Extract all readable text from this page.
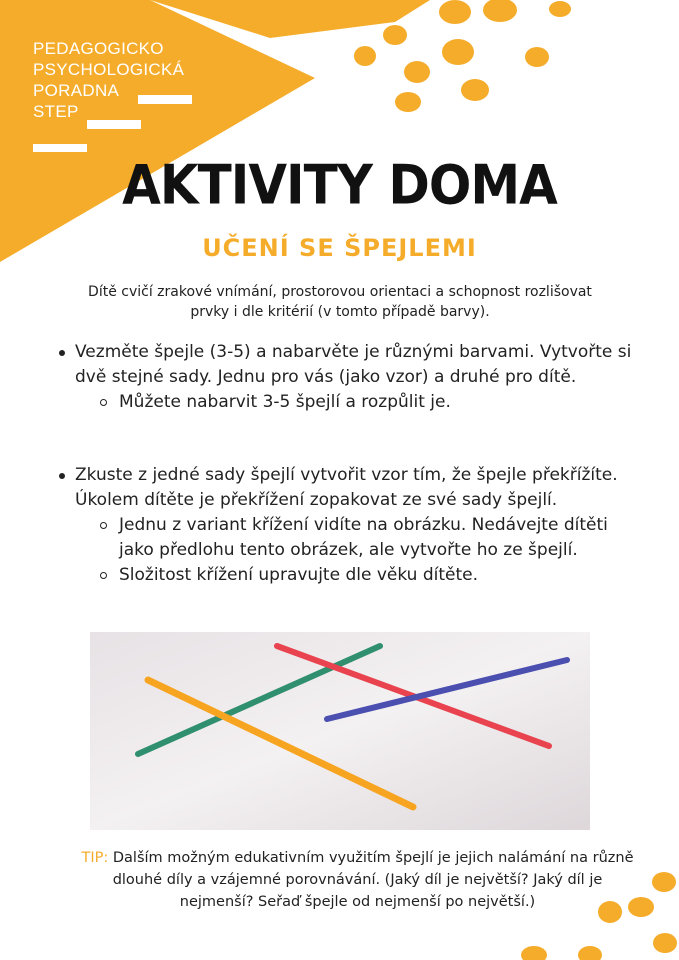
PEDAGOGICKO
PSYCHOLOGICKÁ
PORADNA
STEP
AKTIVITY DOMA
UČENÍ SE ŠPEJLEMI
Dítě cvičí zrakové vnímání, prostorovou orientaci a schopnost rozlišovat prvky i dle kritérií (v tomto případě barvy).
Vezměte špejle (3-5) a nabarvěte je různými barvami. Vytvořte si dvě stejné sady. Jednu pro vás (jako vzor) a druhé pro dítě.
Můžete nabarvit 3-5 špejlí a rozpůlit je.
Zkuste z jedné sady špejlí vytvořit vzor tím, že špejle překřížíte. Úkolem dítěte je překřížení zopakovat ze své sady špejlí.
Jednu z variant křížení vidíte na obrázku. Nedávejte dítěti jako předlohu tento obrázek, ale vytvořte ho ze špejlí.
Složitost křížení upravujte dle věku dítěte.
TIP: Dalším možným edukativním využitím špejlí je jejich nalámání na různě dlouhé díly a vzájemné porovnávání. (Jaký díl je největší? Jaký díl je nejmenší? Seřaď špejle od nejmenší po největší.)
